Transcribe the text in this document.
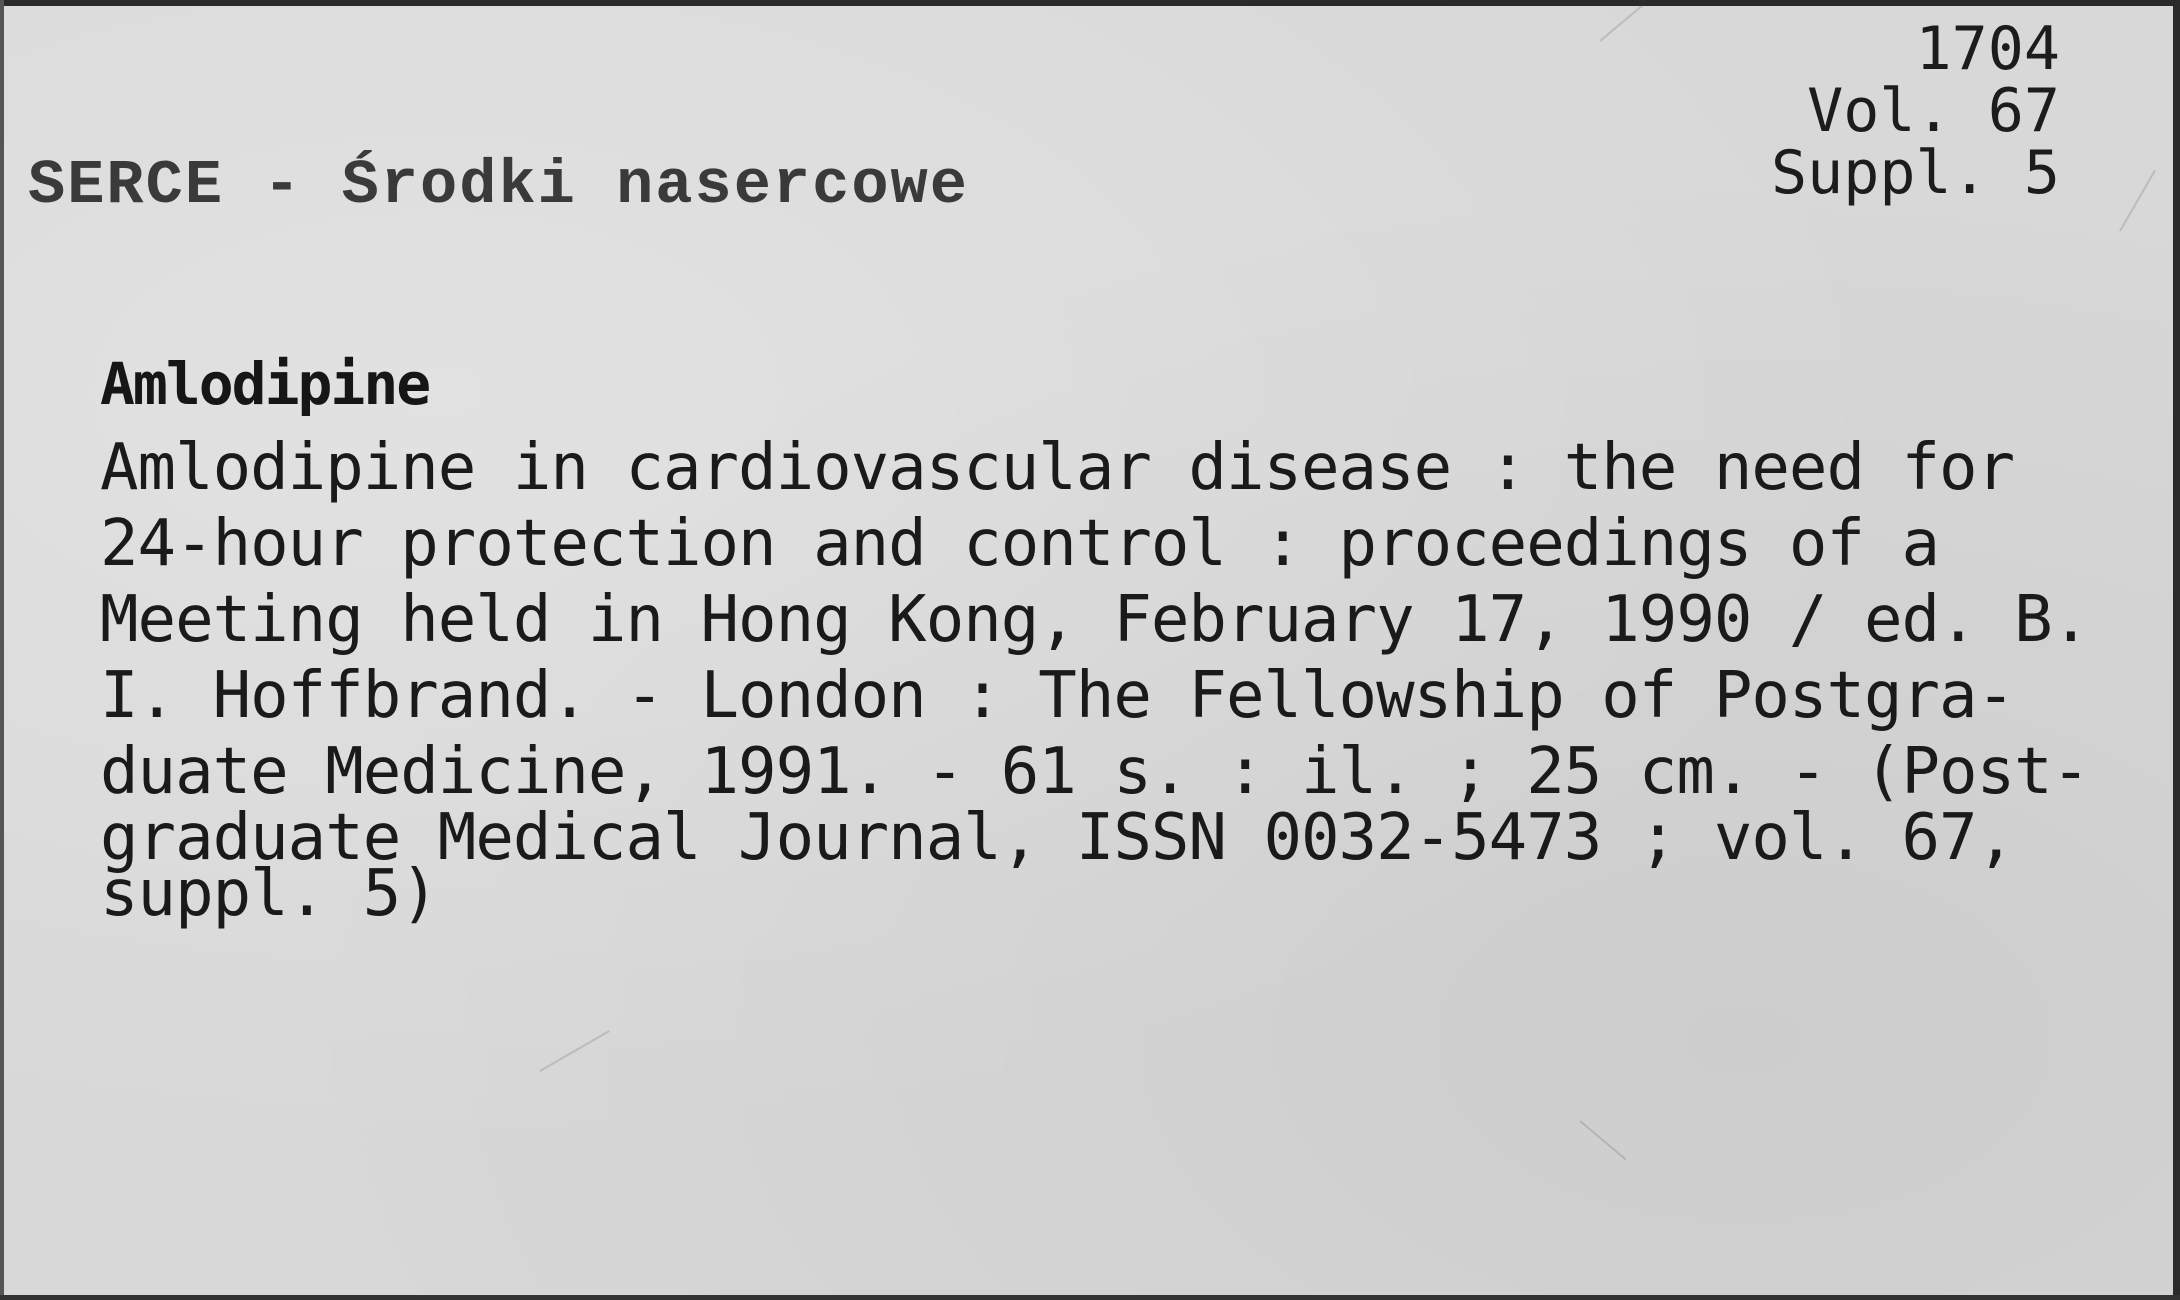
SERCE - Środki nasercowe
1704
Vol. 67
Suppl. 5
Amlodipine
Amlodipine in cardiovascular disease : the need for
24-hour protection and control : proceedings of a
Meeting held in Hong Kong, February 17, 1990 / ed. B.
I. Hoffbrand. - London : The Fellowship of Postgra-
duate Medicine, 1991. - 61 s. : il. ; 25 cm. - (Post-
graduate Medical Journal, ISSN 0032-5473 ; vol. 67,
suppl. 5)
